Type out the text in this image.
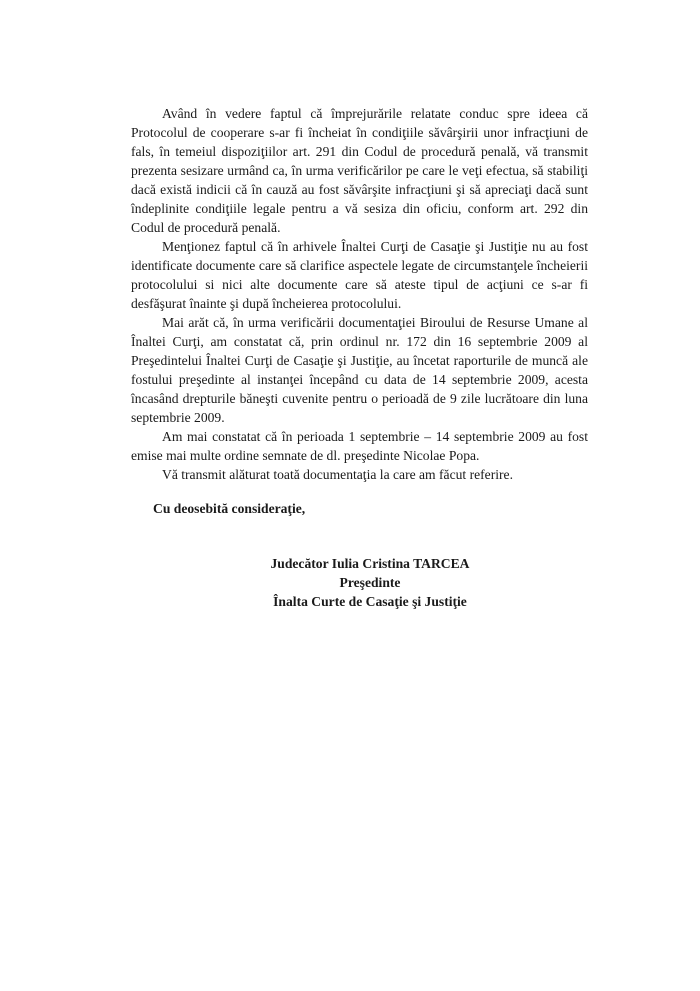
Având în vedere faptul că împrejurările relatate conduc spre ideea că Protocolul de cooperare s-ar fi încheiat în condiţiile săvârşirii unor infracţiuni de fals, în temeiul dispoziţiilor art. 291 din Codul de procedură penală, vă transmit prezenta sesizare urmând ca, în urma verificărilor pe care le veţi efectua, să stabiliţi dacă există indicii că în cauză au fost săvârşite infracţiuni şi să apreciaţi dacă sunt îndeplinite condiţiile legale pentru a vă sesiza din oficiu, conform art. 292 din Codul de procedură penală.

Menţionez faptul că în arhivele Înaltei Curţi de Casaţie şi Justiţie nu au fost identificate documente care să clarifice aspectele legate de circumstanţele încheierii protocolului si nici alte documente care să ateste tipul de acţiuni ce s-ar fi desfăşurat înainte şi după încheierea protocolului.

Mai arăt că, în urma verificării documentaţiei Biroului de Resurse Umane al Înaltei Curţi, am constatat că, prin ordinul nr. 172 din 16 septembrie 2009 al Preşedintelui Înaltei Curţi de Casaţie şi Justiţie, au încetat raporturile de muncă ale fostului preşedinte al instanţei începând cu data de 14 septembrie 2009, acesta încasând drepturile băneşti cuvenite pentru o perioadă de 9 zile lucrătoare din luna septembrie 2009.

Am mai constatat că în perioada 1 septembrie – 14 septembrie 2009 au fost emise mai multe ordine semnate de dl. preşedinte Nicolae Popa.

Vă transmit alăturat toată documentaţia la care am făcut referire.

Cu deosebită consideraţie,
Judecător Iulia Cristina TARCEA
Preşedinte
Înalta Curte de Casaţie şi Justiţie
